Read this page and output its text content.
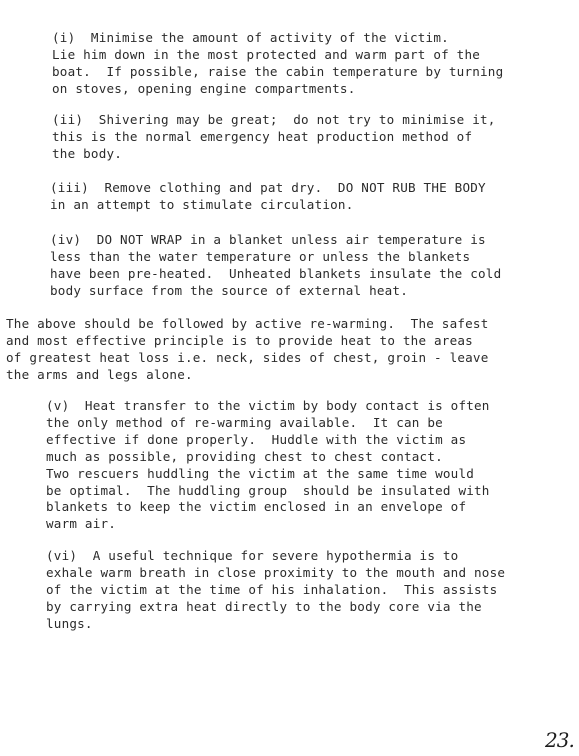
(i)  Minimise the amount of activity of the victim.
Lie him down in the most protected and warm part of the
boat.  If possible, raise the cabin temperature by turning
on stoves, opening engine compartments.
(ii)  Shivering may be great;  do not try to minimise it,
this is the normal emergency heat production method of
the body.
(iii)  Remove clothing and pat dry.  DO NOT RUB THE BODY
in an attempt to stimulate circulation.
(iv)  DO NOT WRAP in a blanket unless air temperature is
less than the water temperature or unless the blankets
have been pre-heated.  Unheated blankets insulate the cold
body surface from the source of external heat.
The above should be followed by active re-warming.  The safest
and most effective principle is to provide heat to the areas
of greatest heat loss i.e. neck, sides of chest, groin - leave
the arms and legs alone.
(v)  Heat transfer to the victim by body contact is often
the only method of re-warming available.  It can be
effective if done properly.  Huddle with the victim as
much as possible, providing chest to chest contact.
Two rescuers huddling the victim at the same time would
be optimal.  The huddling group  should be insulated with
blankets to keep the victim enclosed in an envelope of
warm air.
(vi)  A useful technique for severe hypothermia is to
exhale warm breath in close proximity to the mouth and nose
of the victim at the time of his inhalation.  This assists
by carrying extra heat directly to the body core via the
lungs.
23.
